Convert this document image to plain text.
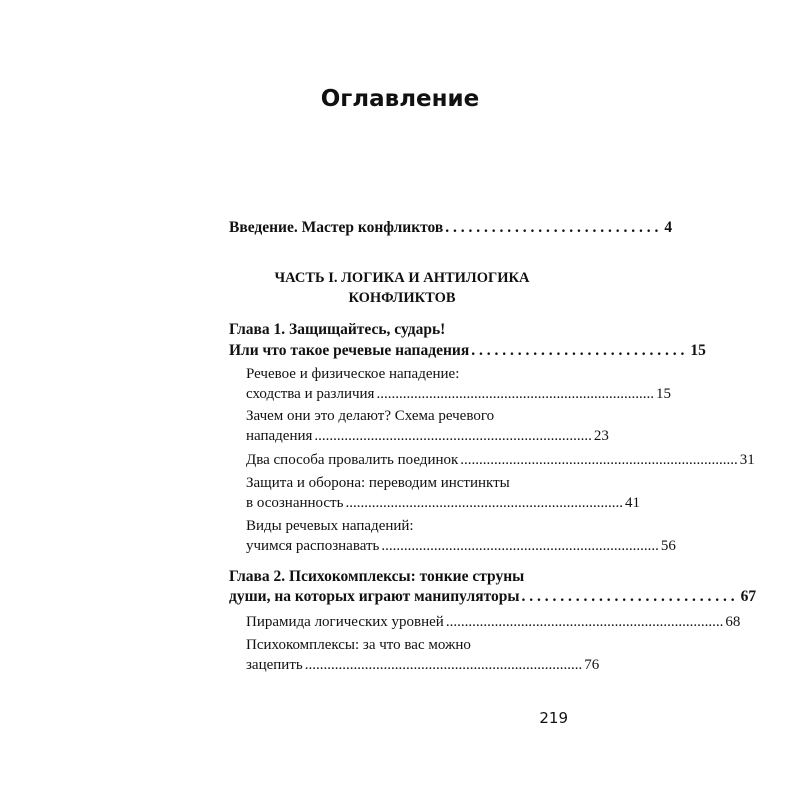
Оглавление
Введение. Мастер конфликтов . . . . . . . . . . . . . . . . . . . . . . . . . . . . 4
ЧАСТЬ I. ЛОГИКА И АНТИЛОГИКА
КОНФЛИКТОВ
Глава 1. Защищайтесь, сударь!
Или что такое речевые нападения . . . . . . . . . . . . . . . . . . . . . . . . . . . . 15
Речевое и физическое нападение:
сходства и различия .......................................................................... 15
Зачем они это делают? Схема речевого
нападения .......................................................................... 23
Два способа провалить поединок .......................................................................... 31
Защита и оборона: переводим инстинкты
в осознанность .......................................................................... 41
Виды речевых нападений:
учимся распознавать .......................................................................... 56
Глава 2. Психокомплексы: тонкие струны
души, на которых играют манипуляторы . . . . . . . . . . . . . . . . . . . . . . . . . . . . 67
Пирамида логических уровней .......................................................................... 68
Психокомплексы: за что вас можно
зацепить .......................................................................... 76
219
